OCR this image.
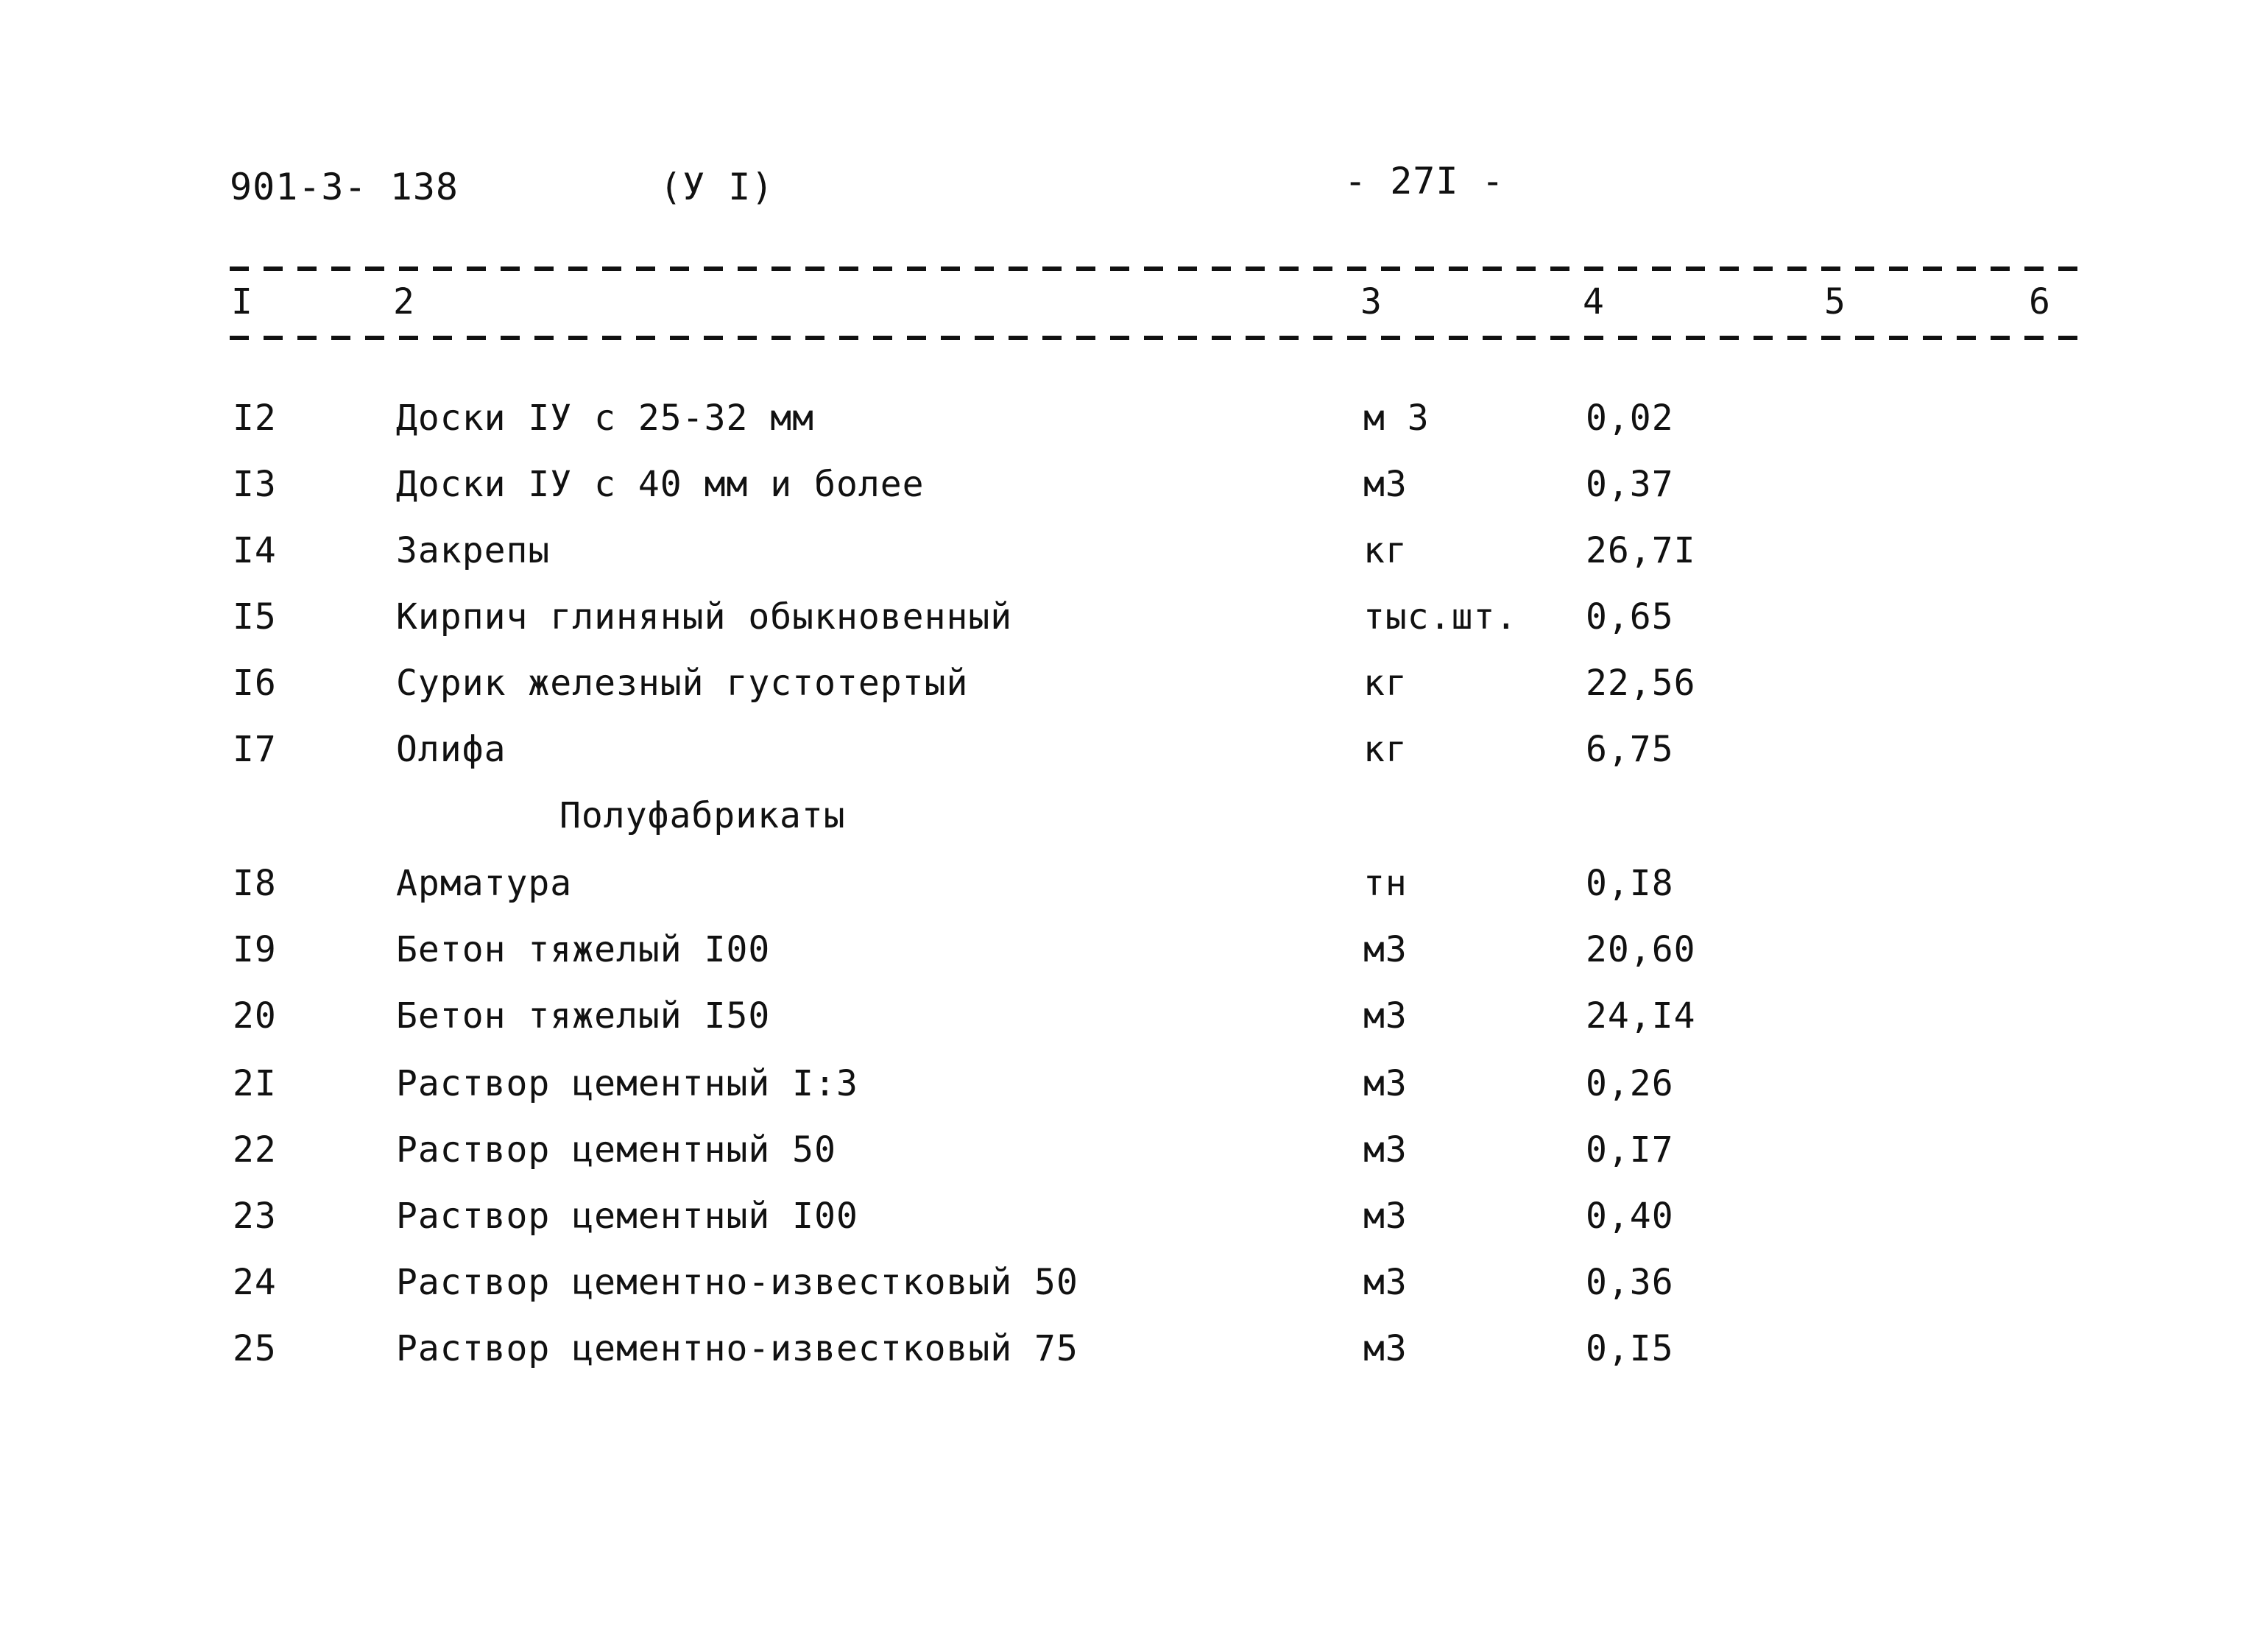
901-3- 138	(У I)	- 27I -
I	2	3	4	5	6
I2	Доски IУ с 25-32 мм	м 3	0,02
I3	Доски IУ с 40 мм и более	м3	0,37
I4	Закрепы	кг	26,7I
I5	Кирпич глиняный обыкновенный	тыс.шт. 0,65
I6	Сурик железный густотертый	кг	22,56
I7	Олифа	кг	6,75
Полуфабрикаты
I8	Арматура	тн	0,I8
I9	Бетон тяжелый I00	м3	20,60
20	Бетон тяжелый I50	м3	24,I4
2I	Раствор цементный I:3	м3	0,26
22	Раствор цементный 50	м3	0,I7
23	Раствор цементный I00	м3	0,40
24	Раствор цементно-известковый 50	м3	0,36
25	Раствор цементно-известковый 75	м3	0,I5
